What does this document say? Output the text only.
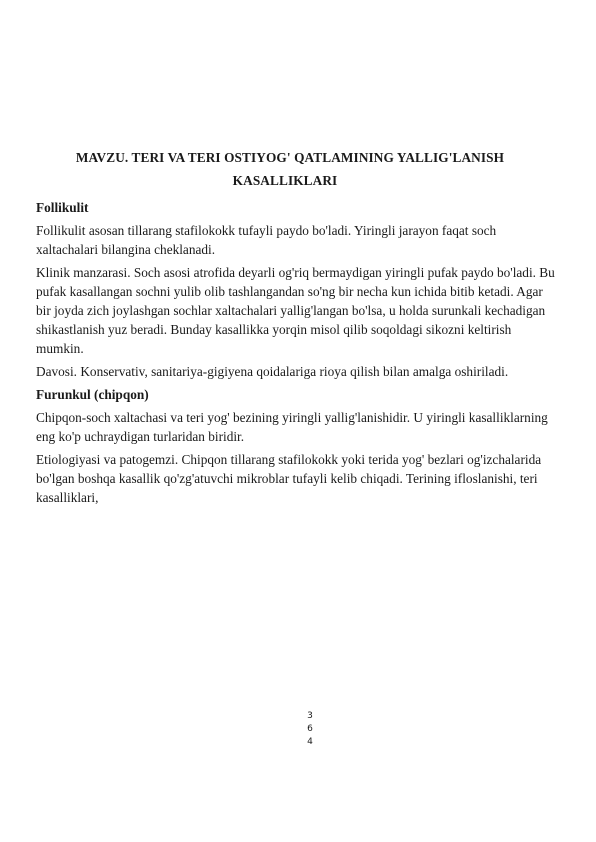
MAVZU. TERI VA TERI OSTIYOG' QATLAMINING YALLIG'LANISH
KASALLIKLARI

Follikulit

Follikulit asosan tillarang stafilokokk tufayli paydo bo'ladi. Yiringli jarayon faqat soch xaltachalari bilangina cheklanadi.

Klinik manzarasi. Soch asosi atrofida deyarli og'riq bermaydigan yiringli pufak paydo bo'ladi. Bu pufak kasallangan sochni yulib olib tashlangandan so'ng bir necha kun ichida bitib ketadi. Agar bir joyda zich joylashgan sochlar xaltachalari yallig'langan bo'lsa, u holda surunkali kechadigan shikastlanish yuz beradi. Bunday kasallikka yorqin misol qilib soqoldagi sikozni keltirish mumkin.

Davosi. Konservativ, sanitariya-gigiyena qoidalariga rioya qilish bilan amalga oshiriladi.

Furunkul (chipqon)

Chipqon-soch xaltachasi va teri yog' bezining yiringli yallig'lanishidir. U yiringli kasalliklarning eng ko'p uchraydigan turlaridan biridir.

Etiologiyasi va patogemzi. Chipqon tillarang stafilokokk yoki terida yog' bezlari og'izchalarida bo'lgan boshqa kasallik qo'zg'atuvchi mikroblar tufayli kelib chiqadi. Terining ifloslanishi, teri kasalliklari,

3
6
4
